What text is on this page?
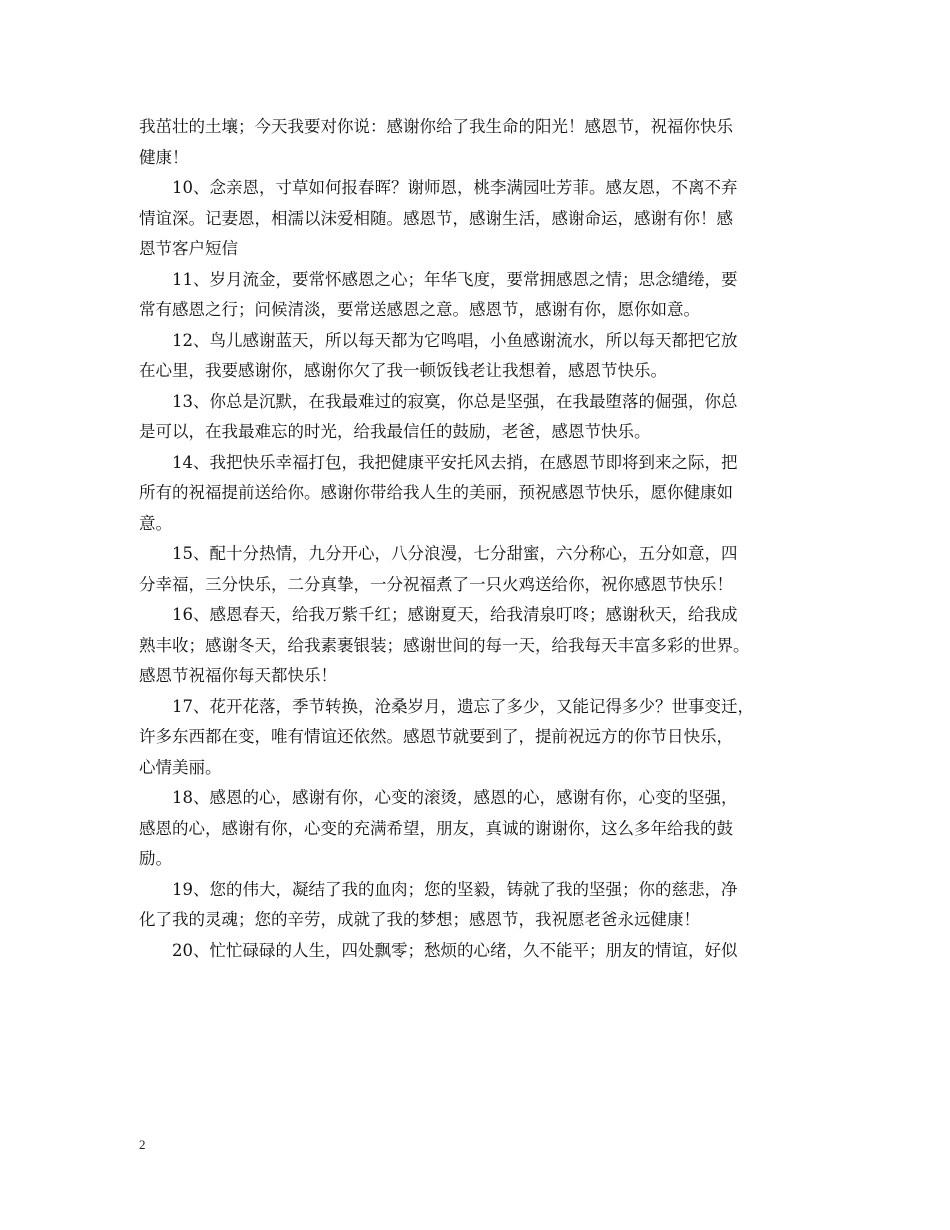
我茁壮的土壤；今天我要对你说：感谢你给了我生命的阳光！感恩节，祝福你快乐
健康！

10、念亲恩，寸草如何报春晖？谢师恩，桃李满园吐芳菲。感友恩，不离不弃
情谊深。记妻恩，相濡以沫爱相随。感恩节，感谢生活，感谢命运，感谢有你！感
恩节客户短信

11、岁月流金，要常怀感恩之心；年华飞度，要常拥感恩之情；思念缱绻，要
常有感恩之行；问候清淡，要常送感恩之意。感恩节，感谢有你，愿你如意。

12、鸟儿感谢蓝天，所以每天都为它鸣唱，小鱼感谢流水，所以每天都把它放
在心里，我要感谢你，感谢你欠了我一顿饭钱老让我想着，感恩节快乐。

13、你总是沉默，在我最难过的寂寞，你总是坚强，在我最堕落的倔强，你总
是可以，在我最难忘的时光，给我最信任的鼓励，老爸，感恩节快乐。

14、我把快乐幸福打包，我把健康平安托风去捎，在感恩节即将到来之际，把
所有的祝福提前送给你。感谢你带给我人生的美丽，预祝感恩节快乐，愿你健康如
意。

15、配十分热情，九分开心，八分浪漫，七分甜蜜，六分称心，五分如意，四
分幸福，三分快乐，二分真挚，一分祝福煮了一只火鸡送给你，祝你感恩节快乐！

16、感恩春天，给我万紫千红；感谢夏天，给我清泉叮咚；感谢秋天，给我成
熟丰收；感谢冬天，给我素裹银装；感谢世间的每一天，给我每天丰富多彩的世界。
感恩节祝福你每天都快乐！

17、花开花落，季节转换，沧桑岁月，遗忘了多少，又能记得多少？世事变迁，
许多东西都在变，唯有情谊还依然。感恩节就要到了，提前祝远方的你节日快乐，
心情美丽。

18、感恩的心，感谢有你，心变的滚烫，感恩的心，感谢有你，心变的坚强，
感恩的心，感谢有你，心变的充满希望，朋友，真诚的谢谢你，这么多年给我的鼓
励。

19、您的伟大，凝结了我的血肉；您的坚毅，铸就了我的坚强；你的慈悲，净
化了我的灵魂；您的辛劳，成就了我的梦想；感恩节，我祝愿老爸永远健康！

20、忙忙碌碌的人生，四处飘零；愁烦的心绪，久不能平；朋友的情谊，好似

2
